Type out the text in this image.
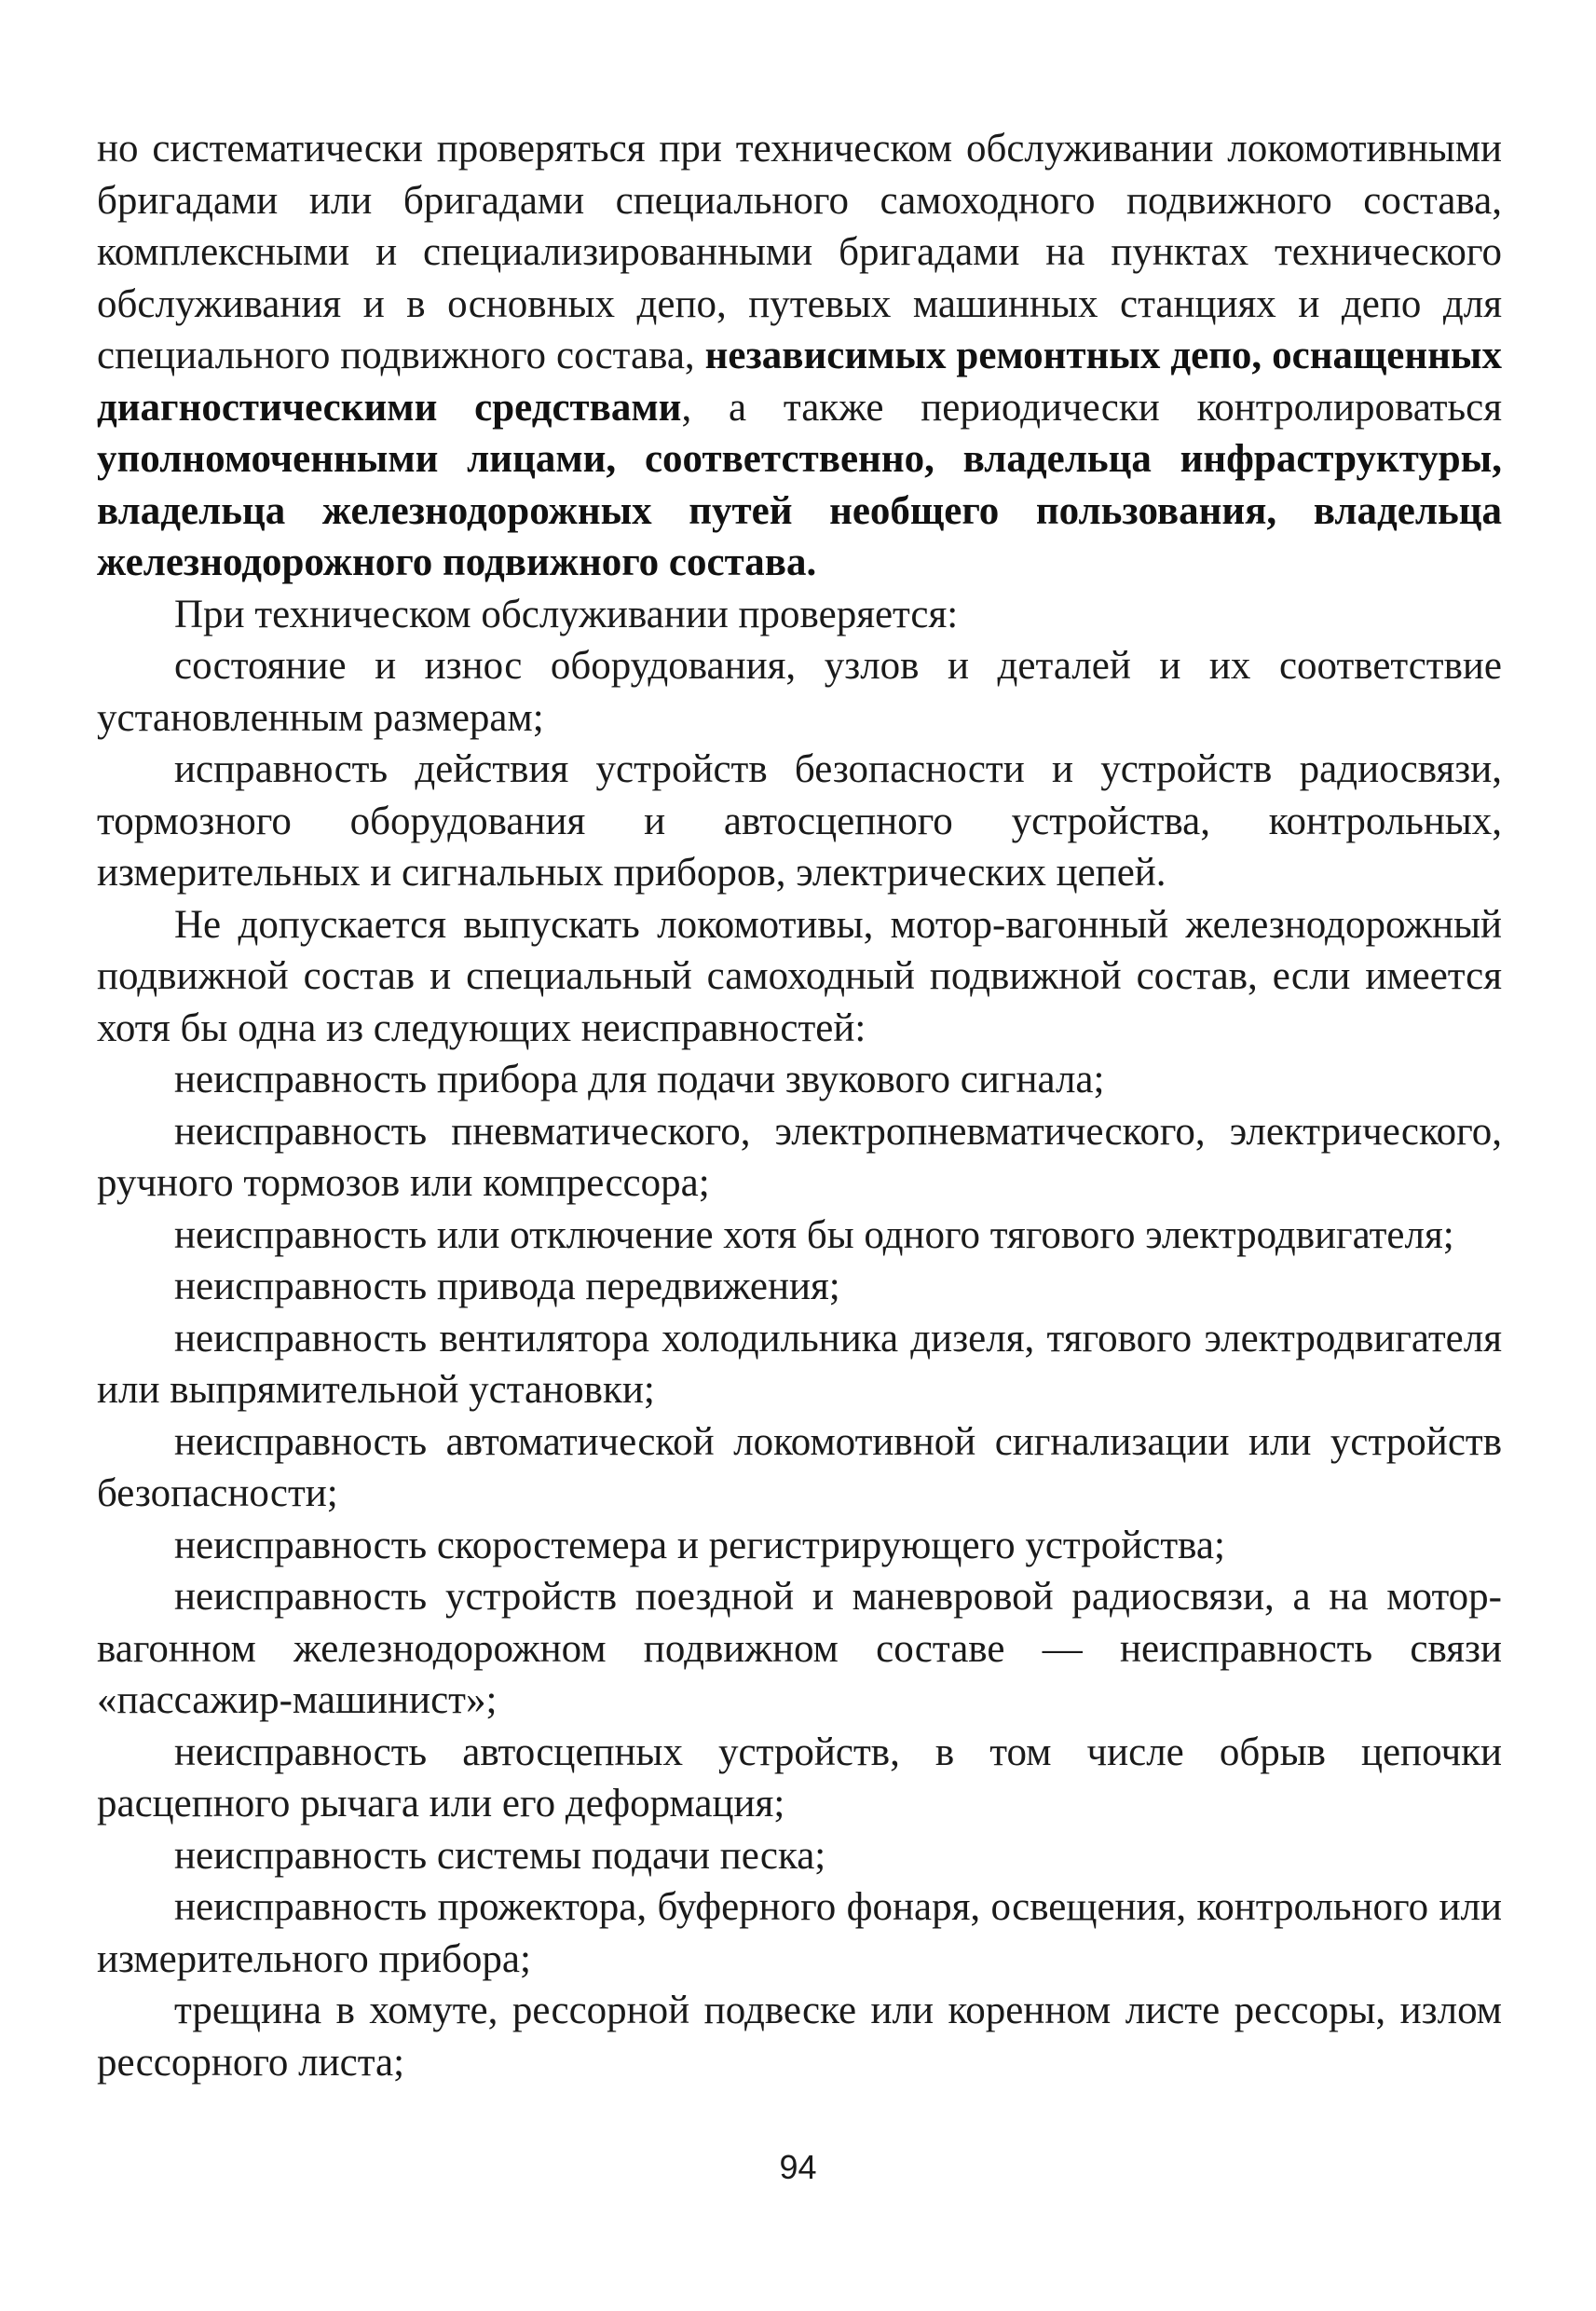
но систематически проверяться при техническом обслуживании локомотивными бригадами или бригадами специального самоходного подвижного состава, комплексными и специализированными бригадами на пунктах технического обслуживания и в основных депо, путевых машинных станциях и депо для специального подвижного состава, независимых ремонтных депо, оснащенных диагностическими средствами, а также периодически контролироваться уполномоченными лицами, соответственно, владельца инфраструктуры, владельца железнодорожных путей необщего пользования, владельца железнодорожного подвижного состава.

При техническом обслуживании проверяется:

состояние и износ оборудования, узлов и деталей и их соответствие установленным размерам;

исправность действия устройств безопасности и устройств радиосвязи, тормозного оборудования и автосцепного устройства, контрольных, измерительных и сигнальных приборов, электрических цепей.

Не допускается выпускать локомотивы, мотор-вагонный железнодорожный подвижной состав и специальный самоходный подвижной состав, если имеется хотя бы одна из следующих неисправностей:

неисправность прибора для подачи звукового сигнала;

неисправность пневматического, электропневматического, электрического, ручного тормозов или компрессора;

неисправность или отключение хотя бы одного тягового электродвигателя;

неисправность привода передвижения;

неисправность вентилятора холодильника дизеля, тягового электродвигателя или выпрямительной установки;

неисправность автоматической локомотивной сигнализации или устройств безопасности;

неисправность скоростемера и регистрирующего устройства;

неисправность устройств поездной и маневровой радиосвязи, а на мотор-вагонном железнодорожном подвижном составе — неисправность связи «пассажир-машинист»;

неисправность автосцепных устройств, в том числе обрыв цепочки расцепного рычага или его деформация;

неисправность системы подачи песка;

неисправность прожектора, буферного фонаря, освещения, контрольного или измерительного прибора;

трещина в хомуте, рессорной подвеске или коренном листе рессоры, излом рессорного листа;

94
